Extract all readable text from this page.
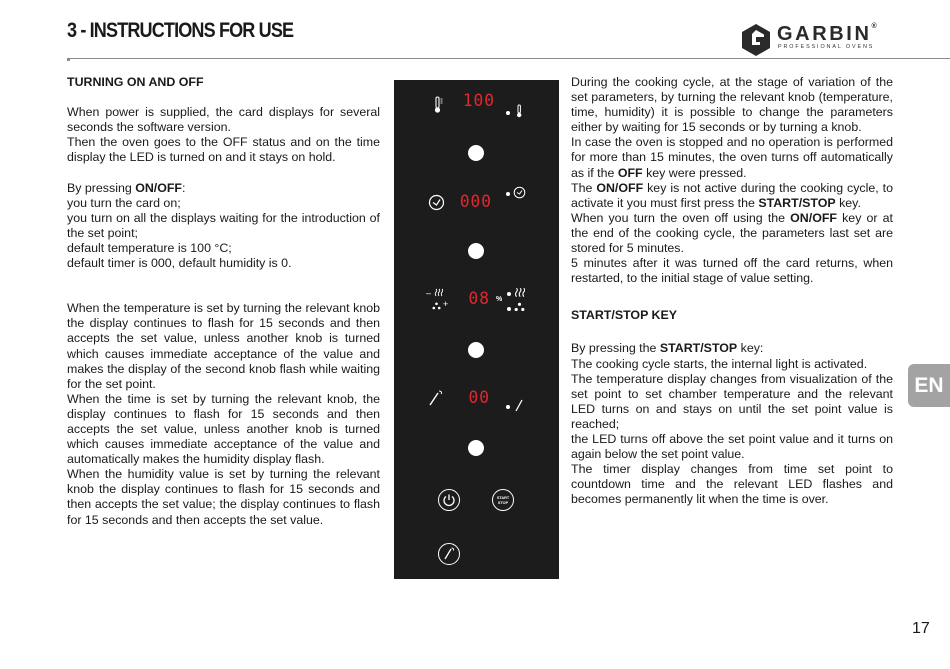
3 - INSTRUCTIONS FOR USE	GARBIN®
PROFESSIONAL OVENS

TURNING ON AND OFF

When power is supplied, the card displays for several seconds the software version.

Then the oven goes to the OFF status and on the time display the LED is turned on and it stays on hold.

By pressing ON/OFF:

you turn the card on;

you turn on all the displays waiting for the introduction of the set point;

default temperature is 100 °C;

default timer is 000, default humidity is 0.

When the temperature is set by turning the relevant knob the display continues to flash for 15 seconds and then accepts the set value, unless another knob is turned which causes immediate acceptance of the value and makes the display of the second knob flash while waiting for the set point.

When the time is set by turning the relevant knob, the display continues to flash for 15 seconds and then accepts the set value, unless another knob is turned which causes immediate acceptance of the value and automatically makes the humidity display flash.

When the humidity value is set by turning the relevant knob the display continues to flash for 15 seconds and then accepts the set value; the display continues to flash for 15 seconds and then accepts the set value.

100
000
–
+ 08 %
00
START
STOP

During the cooking cycle, at the stage of variation of the set parameters, by turning the relevant knob (temperature, time, humidity) it is possible to change the parameters either by waiting for 15 seconds or by turning a knob.

In case the oven is stopped and no operation is performed for more than 15 minutes, the oven turns off automatically as if the OFF key were pressed.

The ON/OFF key is not active during the cooking cycle, to activate it you must first press the START/STOP key.

When you turn the oven off using the ON/OFF key or at the end of the cooking cycle, the parameters last set are stored for 5 minutes.

5 minutes after it was turned off the card returns, when restarted, to the initial stage of value setting.

START/STOP KEY

By pressing the START/STOP key:

The cooking cycle starts, the internal light is activated.

The temperature display changes from visualization of the set point to set chamber temperature and the relevant LED turns on and stays on until the set point value is reached;

the LED turns off above the set point value and it turns on again below the set point value.

The timer display changes from time set point to countdown time and the relevant LED flashes and becomes permanently lit when the time is over.

EN
17
